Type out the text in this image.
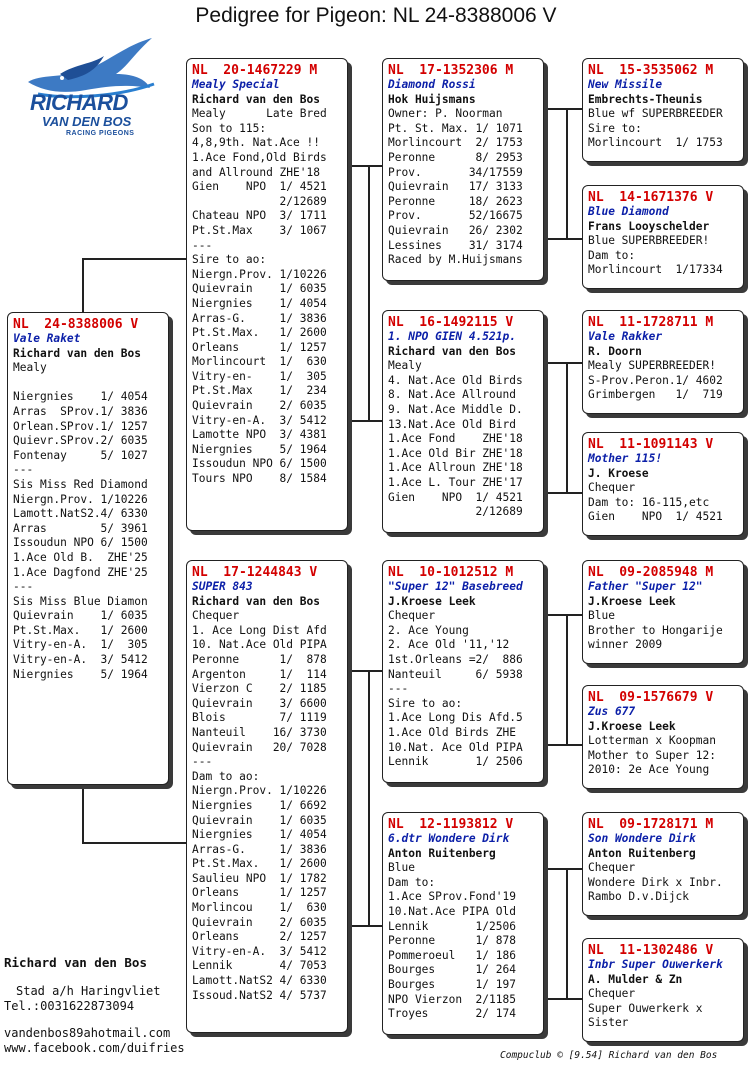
Pedigree for Pigeon: NL 24-8388006 V
RICHARD
VAN DEN BOS
RACING PIGEONS
NL  24-8388006 V
Vale Raket
Richard van den Bos
Mealy
Niergnies    1/ 4054
Arras  SProv.1/ 3836
Orlean.SProv.1/ 1257
Quievr.SProv.2/ 6035
Fontenay     5/ 1027
---
Sis Miss Red Diamond
Niergn.Prov. 1/10226
Lamott.NatS2.4/ 6330
Arras        5/ 3961
Issoudun NPO 6/ 1500
1.Ace Old B.  ZHE'25
1.Ace Dagfond ZHE'25
---
Sis Miss Blue Diamon
Quievrain    1/ 6035
Pt.St.Max.   1/ 2600
Vitry-en-A.  1/  305
Vitry-en-A.  3/ 5412
Niergnies    5/ 1964
NL  20-1467229 M
Mealy Special
Richard van den Bos
Mealy      Late Bred
Son to 115:
4,8,9th. Nat.Ace !!
1.Ace Fond,Old Birds
and Allround ZHE'18
Gien    NPO  1/ 4521
2/12689
Chateau NPO  3/ 1711
Pt.St.Max    3/ 1067
---
Sire to ao:
Niergn.Prov. 1/10226
Quievrain    1/ 6035
Niergnies    1/ 4054
Arras-G.     1/ 3836
Pt.St.Max.   1/ 2600
Orleans      1/ 1257
Morlincourt  1/  630
Vitry-en-    1/  305
Pt.St.Max    1/  234
Quievrain    2/ 6035
Vitry-en-A.  3/ 5412
Lamotte NPO  3/ 4381
Niergnies    5/ 1964
Issoudun NPO 6/ 1500
Tours NPO    8/ 1584
NL  17-1244843 V
SUPER 843
Richard van den Bos
Chequer
1. Ace Long Dist Afd
10. Nat.Ace Old PIPA
Peronne      1/  878
Argenton     1/  114
Vierzon C    2/ 1185
Quievrain    3/ 6600
Blois        7/ 1119
Nanteuil    16/ 3730
Quievrain   20/ 7028
---
Dam to ao:
Niergn.Prov. 1/10226
Niergnies    1/ 6692
Quievrain    1/ 6035
Niergnies    1/ 4054
Arras-G.     1/ 3836
Pt.St.Max.   1/ 2600
Saulieu NPO  1/ 1782
Orleans      1/ 1257
Morlincou    1/  630
Quievrain    2/ 6035
Orleans      2/ 1257
Vitry-en-A.  3/ 5412
Lennik       4/ 7053
Lamott.NatS2 4/ 6330
Issoud.NatS2 4/ 5737
NL  17-1352306 M
Diamond Rossi
Hok Huijsmans
Owner: P. Noorman
Pt. St. Max. 1/ 1071
Morlincourt  2/ 1753
Peronne      8/ 2953
Prov.       34/17559
Quievrain   17/ 3133
Peronne     18/ 2623
Prov.       52/16675
Quievrain   26/ 2302
Lessines    31/ 3174
Raced by M.Huijsmans
NL  16-1492115 V
1. NPO GIEN 4.521p.
Richard van den Bos
Mealy
4. Nat.Ace Old Birds
8. Nat.Ace Allround
9. Nat.Ace Middle D.
13.Nat.Ace Old Bird
1.Ace Fond    ZHE'18
1.Ace Old Bir ZHE'18
1.Ace Allroun ZHE'18
1.Ace L. Tour ZHE'17
Gien    NPO  1/ 4521
2/12689
NL  10-1012512 M
"Super 12" Basebreed
J.Kroese Leek
Chequer
2. Ace Young
2. Ace Old '11,'12
1st.Orleans =2/  886
Nanteuil     6/ 5938
---
Sire to ao:
1.Ace Long Dis Afd.5
1.Ace Old Birds ZHE
10.Nat. Ace Old PIPA
Lennik       1/ 2506
NL  12-1193812 V
6.dtr Wondere Dirk
Anton Ruitenberg
Blue
Dam to:
1.Ace SProv.Fond'19
10.Nat.Ace PIPA Old
Lennik       1/2506
Peronne      1/ 878
Pommeroeul   1/ 186
Bourges      1/ 264
Bourges      1/ 197
NPO Vierzon  2/1185
Troyes       2/ 174
NL  15-3535062 M
New Missile
Embrechts-Theunis
Blue wf SUPERBREEDER
Sire to:
Morlincourt  1/ 1753
NL  14-1671376 V
Blue Diamond
Frans Looyschelder
Blue SUPERBREEDER!
Dam to:
Morlincourt  1/17334
NL  11-1728711 M
Vale Rakker
R. Doorn
Mealy SUPERBREEDER!
S-Prov.Peron.1/ 4602
Grimbergen   1/  719
NL  11-1091143 V
Mother 115!
J. Kroese
Chequer
Dam to: 16-115,etc
Gien    NPO  1/ 4521
NL  09-2085948 M
Father "Super 12"
J.Kroese Leek
Blue
Brother to Hongarije
winner 2009
NL  09-1576679 V
Zus 677
J.Kroese Leek
Lotterman x Koopman
Mother to Super 12:
2010: 2e Ace Young
NL  09-1728171 M
Son Wondere Dirk
Anton Ruitenberg
Chequer
Wondere Dirk x Inbr.
Rambo D.v.Dijck
NL  11-1302486 V
Inbr Super Ouwerkerk
A. Mulder & Zn
Chequer
Super Ouwerkerk x
Sister
Richard van den Bos
Stad a/h Haringvliet
Tel.:0031622873094
vandenbos89ahotmail.com
www.facebook.com/duifries
Compuclub © [9.54] Richard van den Bos
